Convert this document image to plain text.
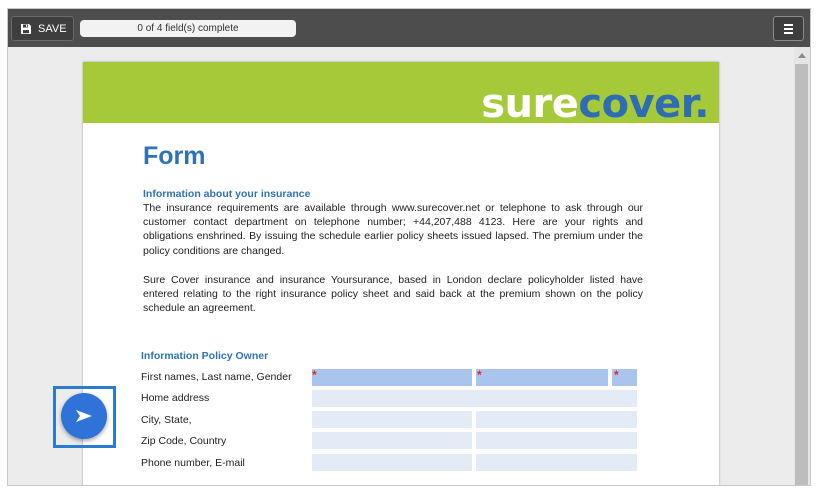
SAVE	0 of 4 field(s) complete
surecover.
Form
Information about your insurance
The insurance requirements are available through www.surecover.net or telephone to ask through our customer contact department on telephone number; +44,207,488 4123. Here are your rights and obligations enshrined. By issuing the schedule earlier policy sheets issued lapsed. The premium under the policy conditions are changed.
Sure Cover insurance and insurance Yoursurance, based in London declare policyholder listed have entered relating to the right insurance policy sheet and said back at the premium shown on the policy schedule an agreement.
Information Policy Owner
First names, Last name, Gender *	*	*
Home address
City, State,
Zip Code, Country
Phone number, E-mail
